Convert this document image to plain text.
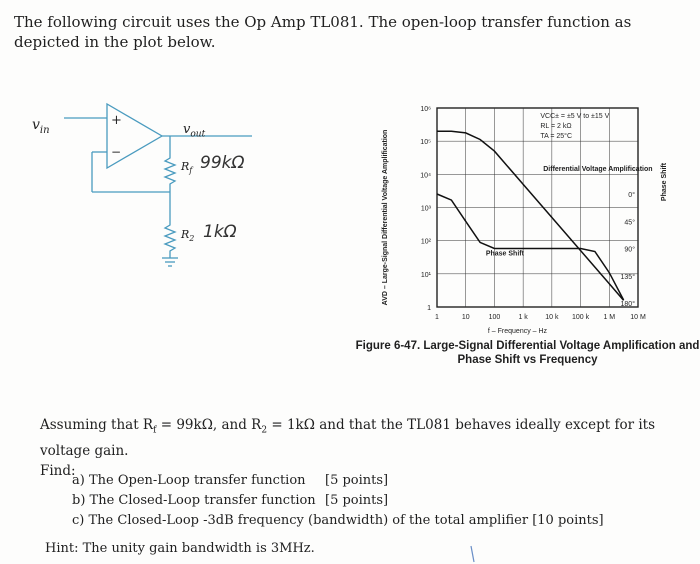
The following circuit uses the Op Amp TL081. The open-loop transfer function as depicted in the plot below.
$v_{in}$
+
−
$v_{out}$
$R_f$ 99kΩ
$R_2$ 1kΩ
1
10¹
10²
10³
10⁴
10⁵
10⁶
0°
45°
90°
135°
180°
1	10	100	1 k 10 k 100 k 1 M 10 M
f – Frequency – Hz
AVD – Large-Signal Differential Voltage Amplification	Phase Shift
VCC± = ±5 V to ±15 V
RL = 2 kΩ
TA = 25°C
Differential Voltage Amplification
Phase Shift
Figure 6-47. Large-Signal Differential Voltage Amplification and
Phase Shift vs Frequency
Assuming that $R_f = 99k\Omega$, and $R_2 = 1k\Omega$ and that the TL081 behaves ideally except for its voltage gain.
Find:
a) The Open-Loop transfer function [5 points]
b) The Closed-Loop transfer function [5 points]
c) The Closed-Loop -3dB frequency (bandwidth) of the total amplifier [10 points]
Hint: The unity gain bandwidth is 3MHz.
